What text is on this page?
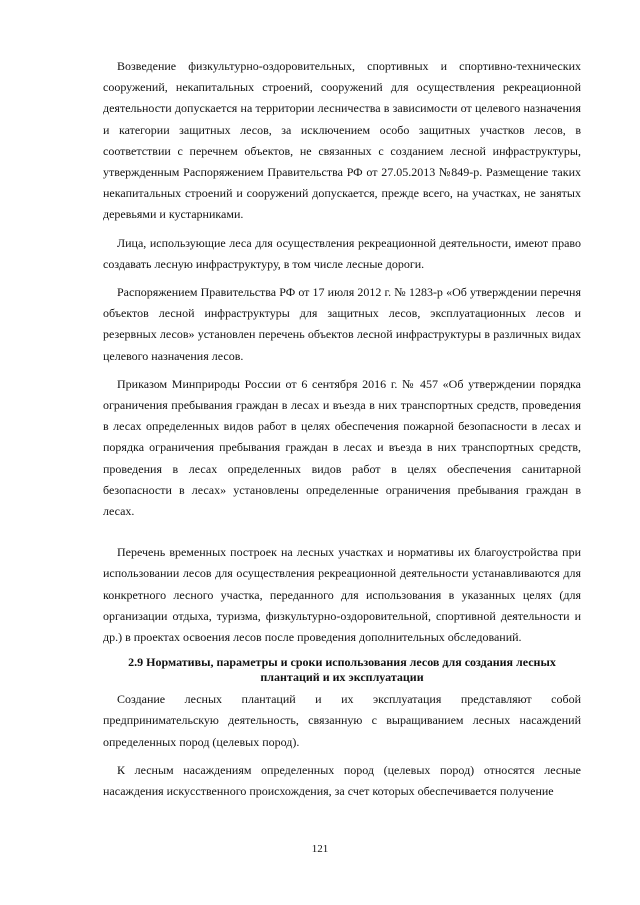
Возведение физкультурно-оздоровительных, спортивных и спортивно-технических сооружений, некапитальных строений, сооружений для осуществления рекреационной деятельности допускается на территории лесничества в зависимости от целевого назначения и категории защитных лесов, за исключением особо защитных участков лесов, в соответствии с перечнем объектов, не связанных с созданием лесной инфраструктуры, утвержденным Распоряжением Правительства РФ от 27.05.2013 №849-р. Размещение таких некапитальных строений и сооружений допускается, прежде всего, на участках, не занятых деревьями и кустарниками.

Лица, использующие леса для осуществления рекреационной деятельности, имеют право создавать лесную инфраструктуру, в том числе лесные дороги.

Распоряжением Правительства РФ от 17 июля 2012 г. № 1283-р «Об утверждении перечня объектов лесной инфраструктуры для защитных лесов, эксплуатационных лесов и резервных лесов» установлен перечень объектов лесной инфраструктуры в различных видах целевого назначения лесов.

Приказом Минприроды России от 6 сентября 2016 г. № 457 «Об утверждении порядка ограничения пребывания граждан в лесах и въезда в них транспортных средств, проведения в лесах определенных видов работ в целях обеспечения пожарной безопасности в лесах и порядка ограничения пребывания граждан в лесах и въезда в них транспортных средств, проведения в лесах определенных видов работ в целях обеспечения санитарной безопасности в лесах» установлены определенные ограничения пребывания граждан в лесах.

Перечень временных построек на лесных участках и нормативы их благоустройства при использовании лесов для осуществления рекреационной деятельности устанавливаются для конкретного лесного участка, переданного для использования в указанных целях (для организации отдыха, туризма, физкультурно-оздоровительной, спортивной деятельности и др.) в проектах освоения лесов после проведения дополнительных обследований.

2.9 Нормативы, параметры и сроки использования лесов для создания лесных плантаций и их эксплуатации

Создание лесных плантаций и их эксплуатация представляют собой предпринимательскую деятельность, связанную с выращиванием лесных насаждений определенных пород (целевых пород).

К лесным насаждениям определенных пород (целевых пород) относятся лесные насаждения искусственного происхождения, за счет которых обеспечивается получение

121
